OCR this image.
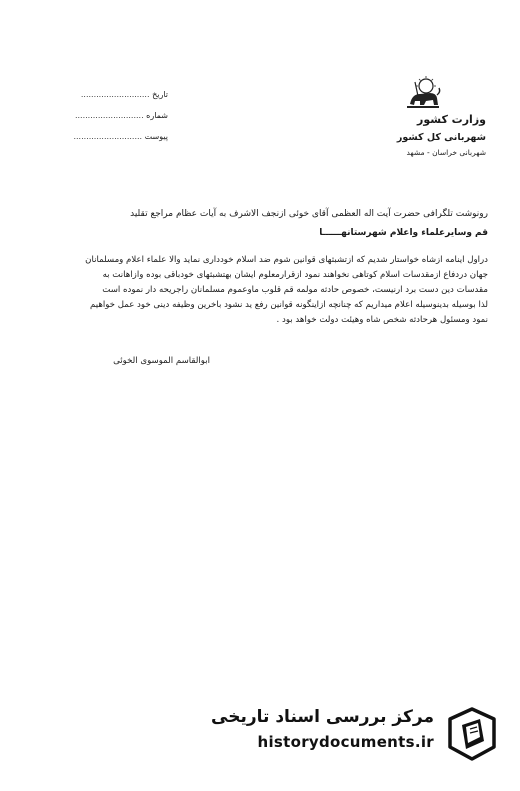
تاریخ ...........................
شماره ...........................
پیوست ...........................
وزارت کشور
شهربانی کل کشور
شهربانی خراسان - مشهد
رونوشت تلگرافی حضرت آیت اله العظمی آقای خوئی ازنجف الاشرف به آیات عظام مراجع تقلید
قم وسایرعلماء واعلام شهرستانهــــــا
دراول اینامه ازشاه خواستار شدیم که ازتشبثهای قوانین شوم ضد اسلام خودداری نماید والا علماء اعلام ومسلمانان
جهان دردفاع ازمقدسات اسلام کوتاهی نخواهند نمود ازقرارمعلوم ایشان بهتشبثهای خودباقی بوده وازاهانت به
مقدسات دین دست برد ارنیست، خصوص حادثه مولمه قم قلوب ماوعموم مسلمانان راجریحه دار نموده است
لذا بوسیله بدینوسیله اعلام میداریم که چنانچه ازاینگونه قوانین رفع ید نشود باخرین وظیفه دینی خود عمل خواهیم
نمود ومسئول هرحادثه شخص شاه وهیئت دولت خواهد بود .
ابوالقاسم الموسوی الخوئی
مرکز بررسی اسناد تاریخی
historydocuments.ir
